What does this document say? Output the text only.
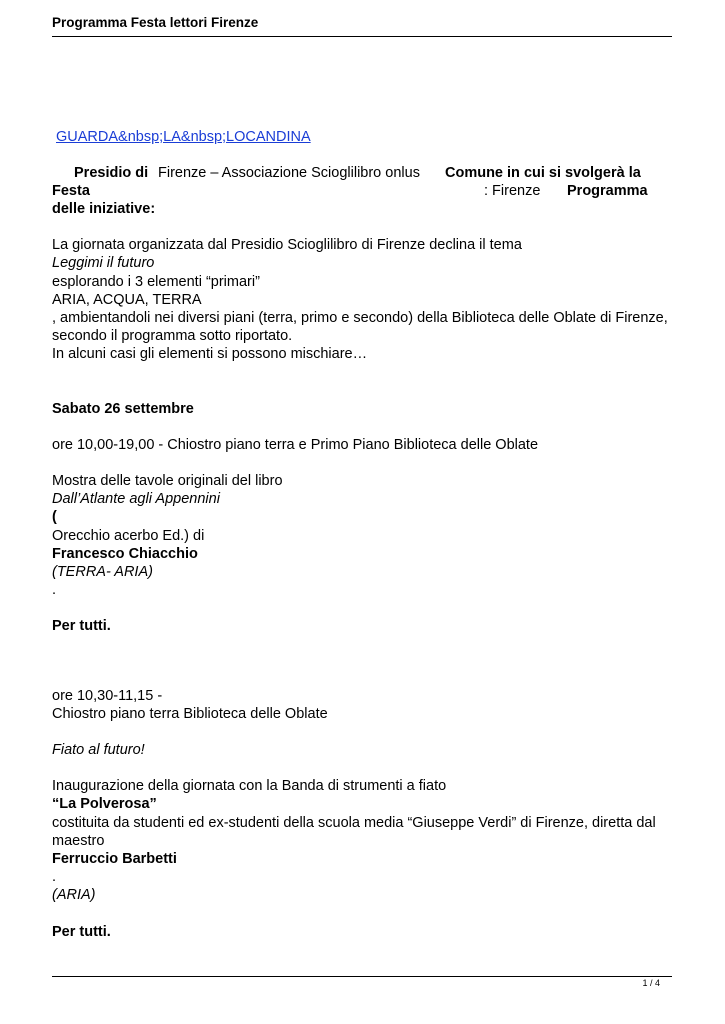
Programma Festa lettori Firenze

GUARDA&nbsp;LA&nbsp;LOCANDINA

Presidio di Firenze – Associazione Scioglilibro onlus Comune in cui si svolgerà la
Festa	: Firenze Programma
delle iniziative:

La giornata organizzata dal Presidio Scioglilibro di Firenze declina il tema

Leggimi il futuro

esplorando i 3 elementi “primari”

ARIA, ACQUA, TERRA

, ambientandoli nei diversi piani (terra, primo e secondo) della Biblioteca delle Oblate di Firenze,

secondo il programma sotto riportato.

In alcuni casi gli elementi si possono mischiare…

Sabato 26 settembre

ore 10,00-19,00 - Chiostro piano terra e Primo Piano Biblioteca delle Oblate

Mostra delle tavole originali del libro

Dall’Atlante agli Appennini

(

Orecchio acerbo Ed.) di

Francesco Chiacchio

(TERRA- ARIA)

.

Per tutti.

ore 10,30-11,15 -

Chiostro piano terra Biblioteca delle Oblate

Fiato al futuro!

Inaugurazione della giornata con la Banda di strumenti a fiato

“La Polverosa”

costituita da studenti ed ex-studenti della scuola media “Giuseppe Verdi” di Firenze, diretta dal

maestro

Ferruccio Barbetti

.

(ARIA)

Per tutti.

1 / 4
